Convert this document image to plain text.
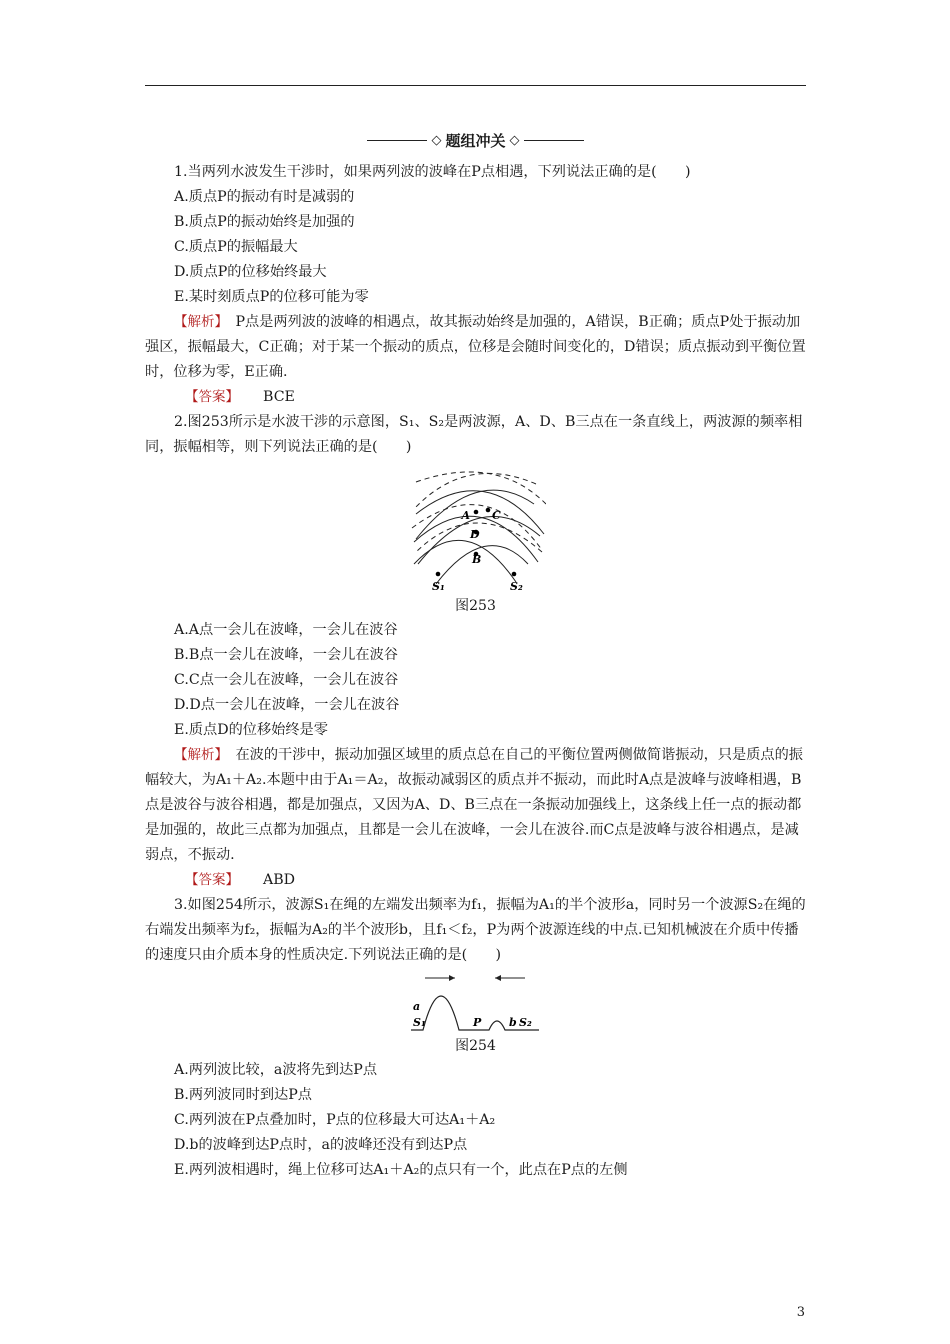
◇ 题组冲关 ◇

1.当两列水波发生干涉时，如果两列波的波峰在P点相遇，下列说法正确的是(　　)

A.质点P的振动有时是减弱的

B.质点P的振动始终是加强的

C.质点P的振幅最大

D.质点P的位移始终最大

E.某时刻质点P的位移可能为零

【解析】　 P点是两列波的波峰的相遇点，故其振动始终是加强的，A错误，B正确；质点P处于振动加强区，振幅最大，C正确；对于某一个振动的质点，位移是会随时间变化的，D错误；质点振动到平衡位置时，位移为零，E正确.

【答案】 BCE

2.图253所示是水波干涉的示意图，S₁、S₂是两波源，A、D、B三点在一条直线上，两波源的频率相同，振幅相等，则下列说法正确的是(　　)

A C
D
B
S₁	S₂
图253

A.A点一会儿在波峰，一会儿在波谷

B.B点一会儿在波峰，一会儿在波谷

C.C点一会儿在波峰，一会儿在波谷

D.D点一会儿在波峰，一会儿在波谷

E.质点D的位移始终是零

【解析】　 在波的干涉中，振动加强区域里的质点总在自己的平衡位置两侧做简谐振动，只是质点的振幅较大，为A₁＋A₂.本题中由于A₁＝A₂，故振动减弱区的质点并不振动，而此时A点是波峰与波峰相遇，B点是波谷与波谷相遇，都是加强点，又因为A、D、B三点在一条振动加强线上，这条线上任一点的振动都是加强的，故此三点都为加强点，且都是一会儿在波峰，一会儿在波谷.而C点是波峰与波谷相遇点，是减弱点，不振动.

【答案】 ABD

3.如图254所示，波源S₁在绳的左端发出频率为f₁，振幅为A₁的半个波形a，同时另一个波源S₂在绳的右端发出频率为f₂，振幅为A₂的半个波形b，且f₁＜f₂，P为两个波源连线的中点.已知机械波在介质中传播的速度只由介质本身的性质决定.下列说法正确的是(　　)

a
S₁	P	b S₂
图254

A.两列波比较，a波将先到达P点

B.两列波同时到达P点

C.两列波在P点叠加时，P点的位移最大可达A₁＋A₂

D.b的波峰到达P点时，a的波峰还没有到达P点

E.两列波相遇时，绳上位移可达A₁＋A₂的点只有一个，此点在P点的左侧

3
